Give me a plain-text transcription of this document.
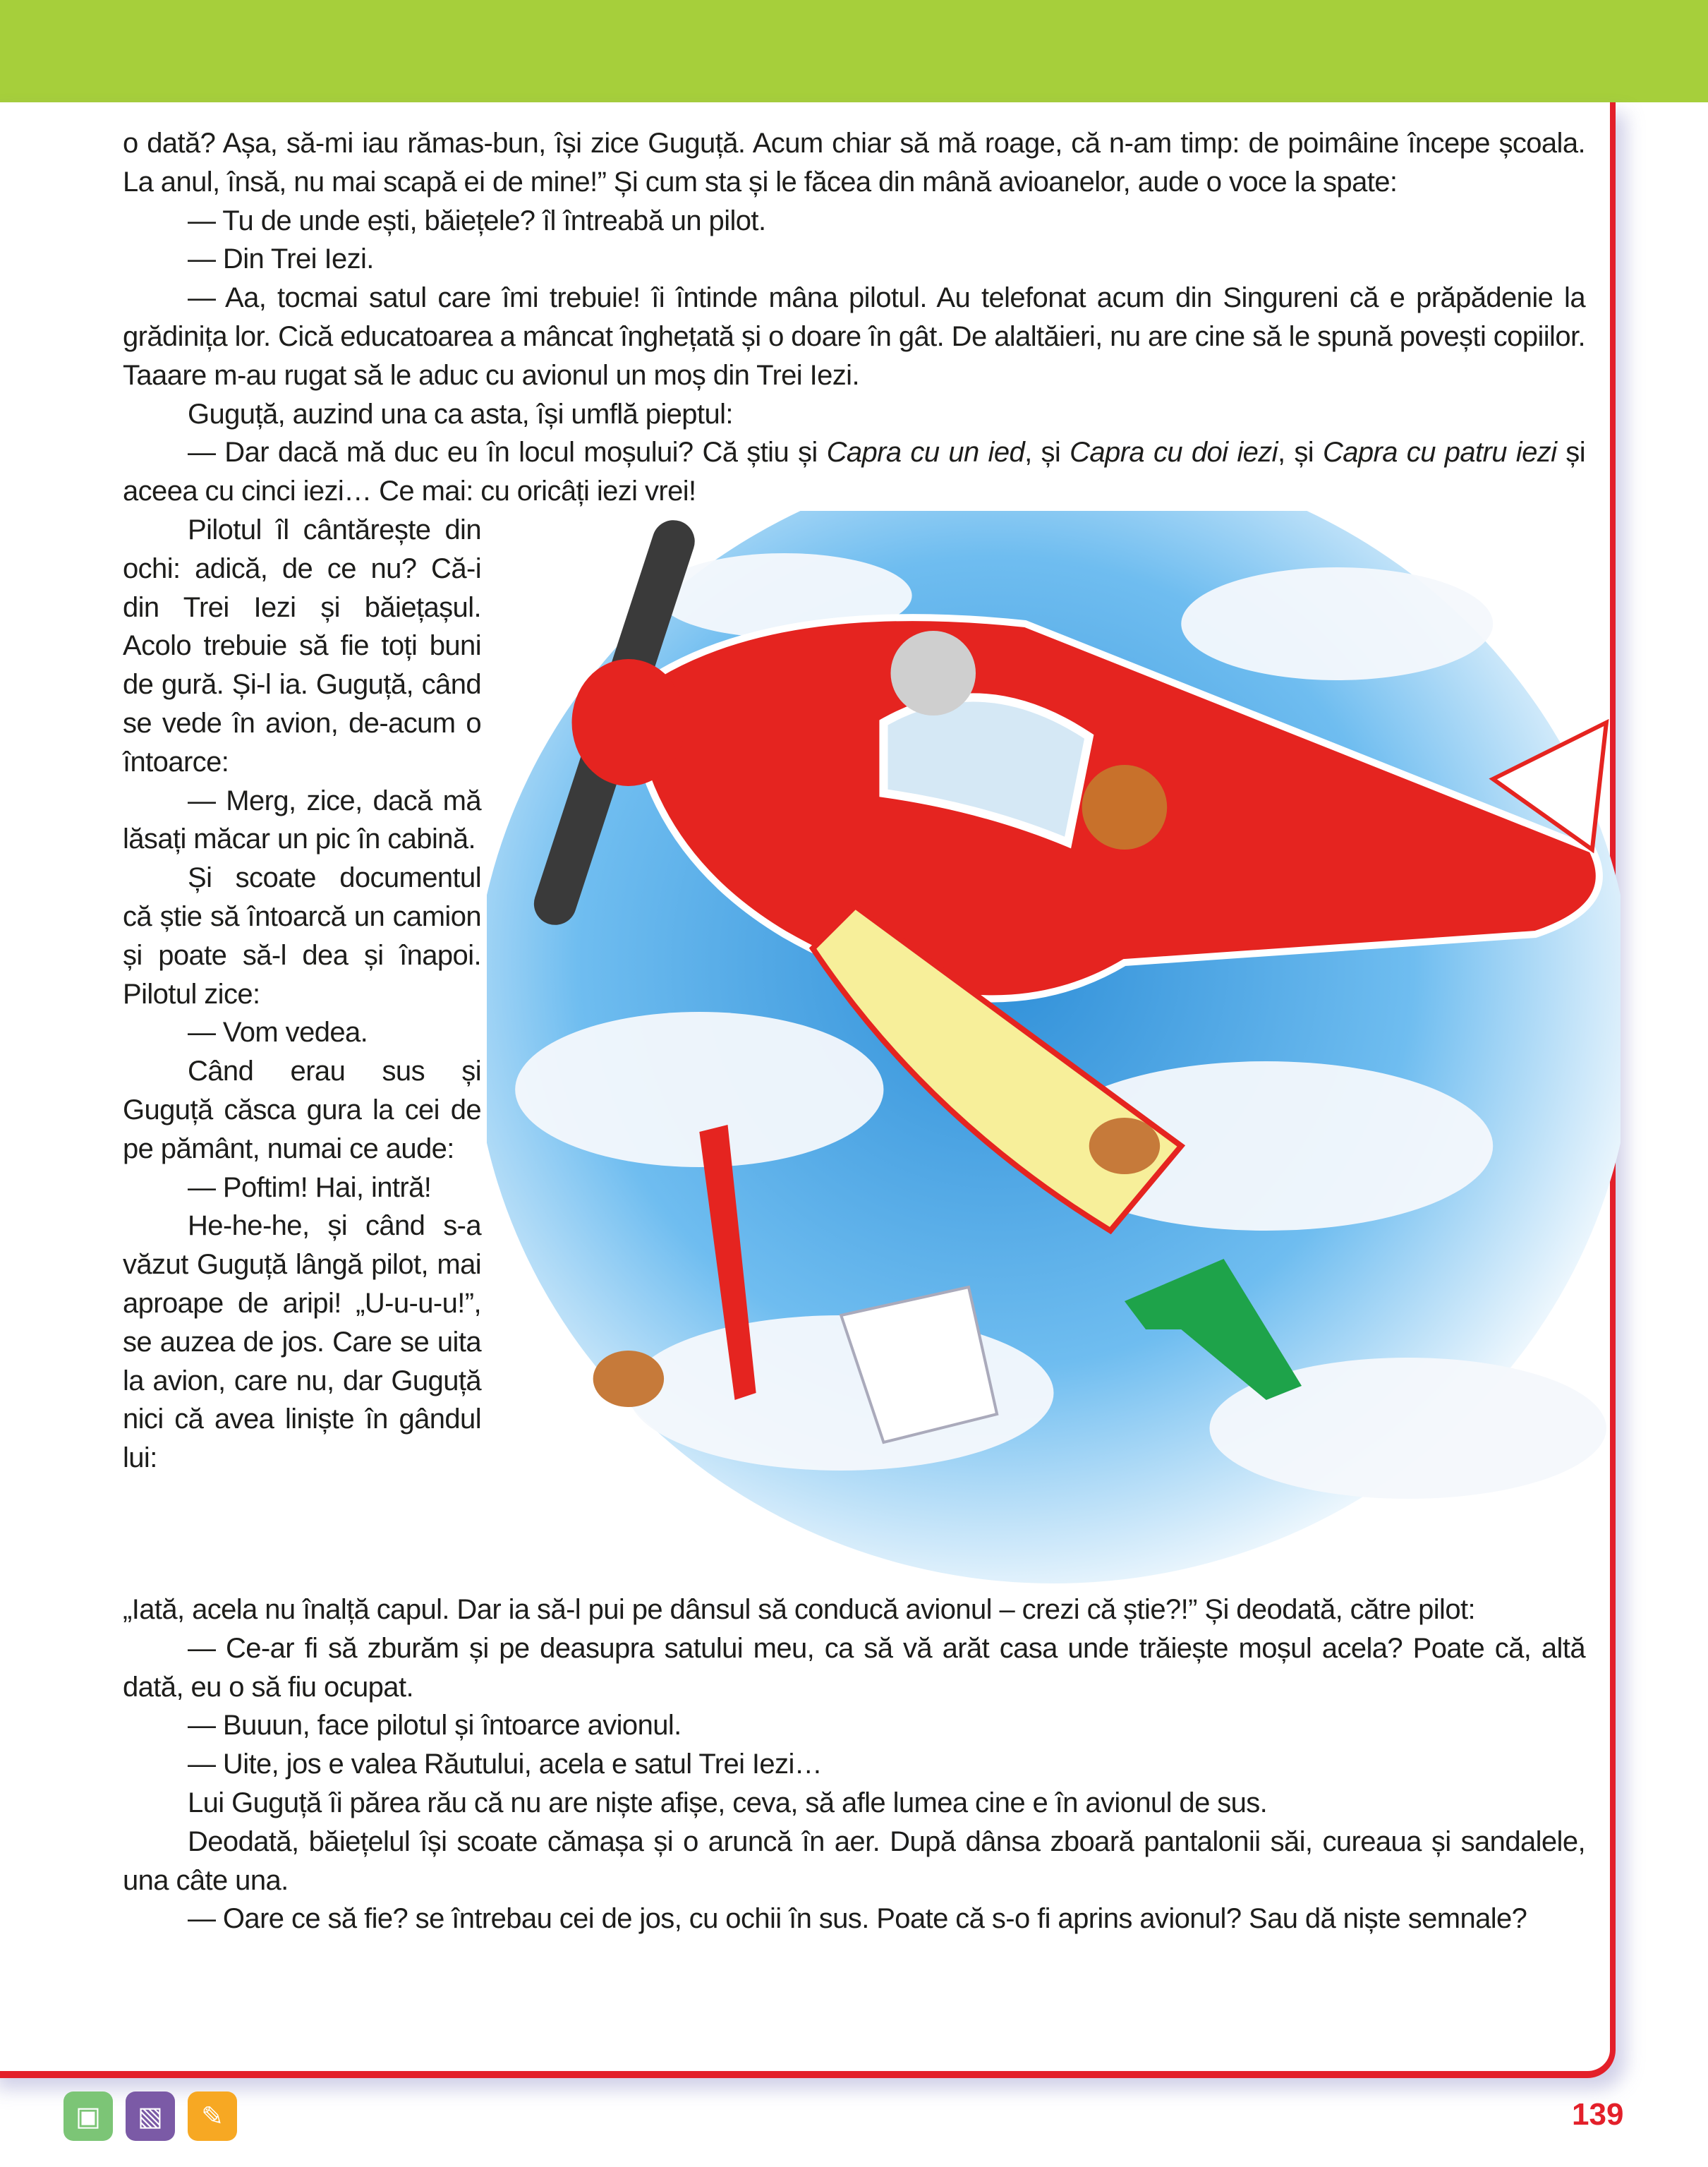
o dată? Așa, să-mi iau rămas-bun, își zice Guguță. Acum chiar să mă roage, că n-am timp: de poimâine începe școala. La anul, însă, nu mai scapă ei de mine!” Și cum sta și le făcea din mână avioanelor, aude o voce la spate:

— Tu de unde ești, băiețele? îl întreabă un pilot.

— Din Trei Iezi.

— Aa, tocmai satul care îmi trebuie! îi întinde mâna pilotul. Au telefonat acum din Singureni că e prăpădenie la grădinița lor. Cică educatoarea a mâncat înghețată și o doare în gât. De alaltăieri, nu are cine să le spună povești copiilor. Taaare m-au rugat să le aduc cu avionul un moș din Trei Iezi.

Guguță, auzind una ca asta, își umflă pieptul:

— Dar dacă mă duc eu în locul moșului? Că știu și Capra cu un ied, și Capra cu doi iezi, și Capra cu patru iezi și aceea cu cinci iezi… Ce mai: cu oricâți iezi vrei!

Pilotul îl cântărește din ochi: adică, de ce nu? Că-i din Trei Iezi și băiețașul. Acolo trebuie să fie toți buni de gură. Și-l ia. Guguță, când se vede în avion, de-acum o întoarce:

— Merg, zice, dacă mă lăsați măcar un pic în cabină.

Și scoate documentul că știe să întoarcă un camion și poate să-l dea și înapoi. Pilotul zice:

— Vom vedea.

Când erau sus și Guguță căsca gura la cei de pe pământ, numai ce aude:

— Poftim! Hai, intră!

He-he-he, și când s-a văzut Guguță lângă pilot, mai aproape de aripi! „U-u-u-u!”, se auzea de jos. Care se uita la avion, care nu, dar Guguță nici că avea liniște în gândul lui:

„Iată, acela nu înalță capul. Dar ia să-l pui pe dânsul să conducă avionul – crezi că știe?!” Și deodată, către pilot:

— Ce-ar fi să zburăm și pe deasupra satului meu, ca să vă arăt casa unde trăiește moșul acela? Poate că, altă dată, eu o să fiu ocupat.

— Buuun, face pilotul și întoarce avionul.

— Uite, jos e valea Răutului, acela e satul Trei Iezi…

Lui Guguță îi părea rău că nu are niște afișe, ceva, să afle lumea cine e în avionul de sus.

Deodată, băiețelul își scoate cămașa și o aruncă în aer. După dânsa zboară pantalonii săi, cureaua și sandalele, una câte una.

— Oare ce să fie? se întrebau cei de jos, cu ochii în sus. Poate că s-o fi aprins avionul? Sau dă niște semnale?

▣	▧	✎	139
